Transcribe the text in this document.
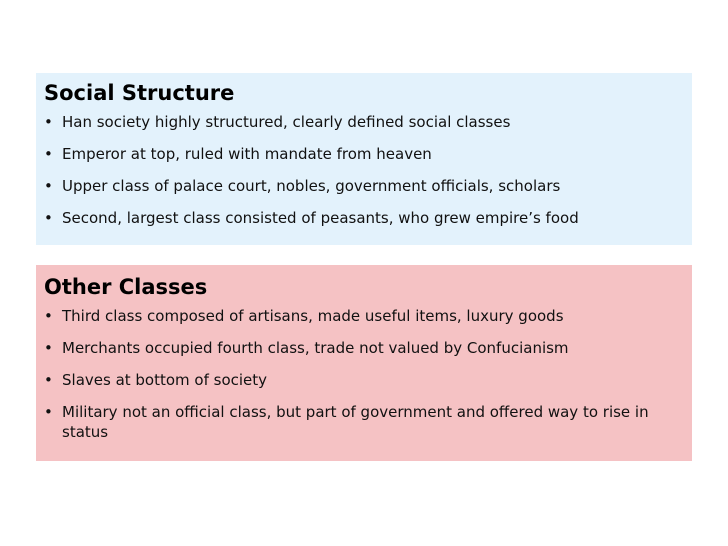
Social Structure
• Han society highly structured, clearly defined social classes
• Emperor at top, ruled with mandate from heaven
• Upper class of palace court, nobles, government officials, scholars
• Second, largest class consisted of peasants, who grew empire’s food
Other Classes
• Third class composed of artisans, made useful items, luxury goods
• Merchants occupied fourth class, trade not valued by Confucianism
• Slaves at bottom of society
• Military not an official class, but part of government and offered way to rise in status
